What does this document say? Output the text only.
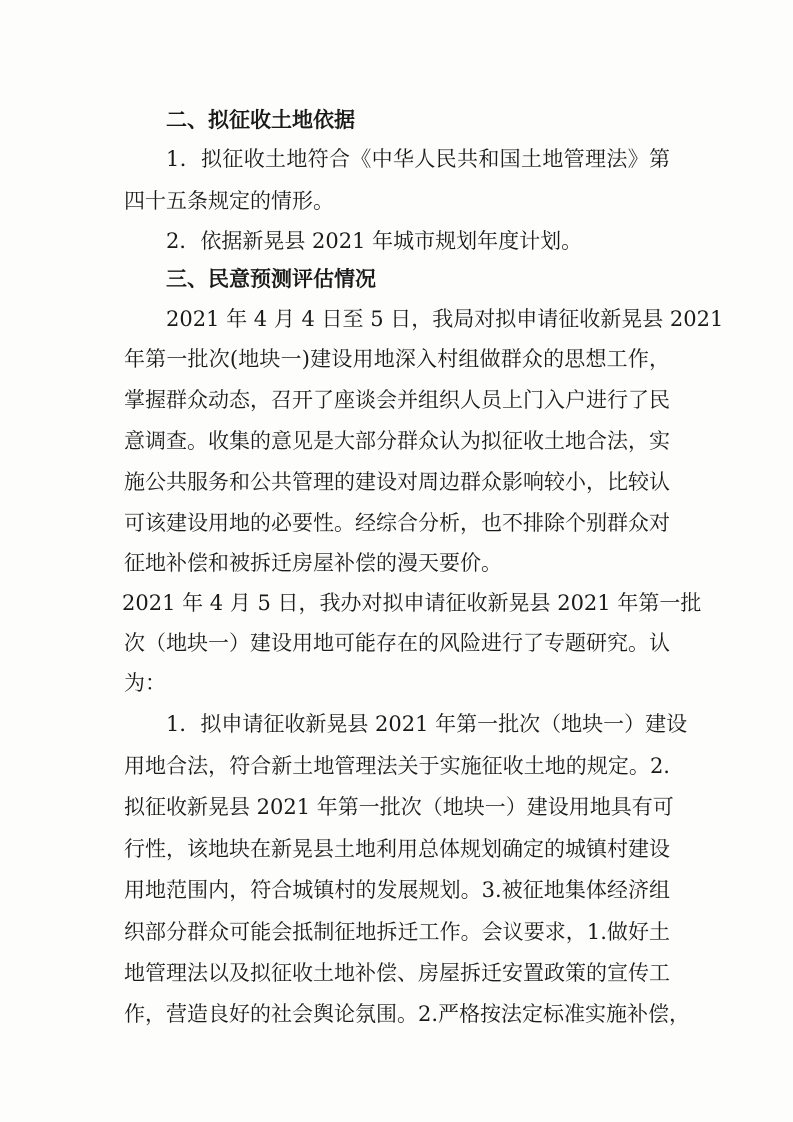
二、拟征收土地依据
1．拟征收土地符合《中华人民共和国土地管理法》第
四十五条规定的情形。
2．依据新晃县 2021 年城市规划年度计划。
三、民意预测评估情况
2021 年 4 月 4 日至 5 日，我局对拟申请征收新晃县 2021
年第一批次(地块一)建设用地深入村组做群众的思想工作，
掌握群众动态，召开了座谈会并组织人员上门入户进行了民
意调查。收集的意见是大部分群众认为拟征收土地合法，实
施公共服务和公共管理的建设对周边群众影响较小，比较认
可该建设用地的必要性。经综合分析，也不排除个别群众对
征地补偿和被拆迁房屋补偿的漫天要价。
2021 年 4 月 5 日，我办对拟申请征收新晃县 2021 年第一批
次（地块一）建设用地可能存在的风险进行了专题研究。认
为：
1．拟申请征收新晃县 2021 年第一批次（地块一）建设
用地合法，符合新土地管理法关于实施征收土地的规定。2.
拟征收新晃县 2021 年第一批次（地块一）建设用地具有可
行性，该地块在新晃县土地利用总体规划确定的城镇村建设
用地范围内，符合城镇村的发展规划。3.被征地集体经济组
织部分群众可能会抵制征地拆迁工作。会议要求，1.做好土
地管理法以及拟征收土地补偿、房屋拆迁安置政策的宣传工
作，营造良好的社会舆论氛围。2.严格按法定标准实施补偿，
